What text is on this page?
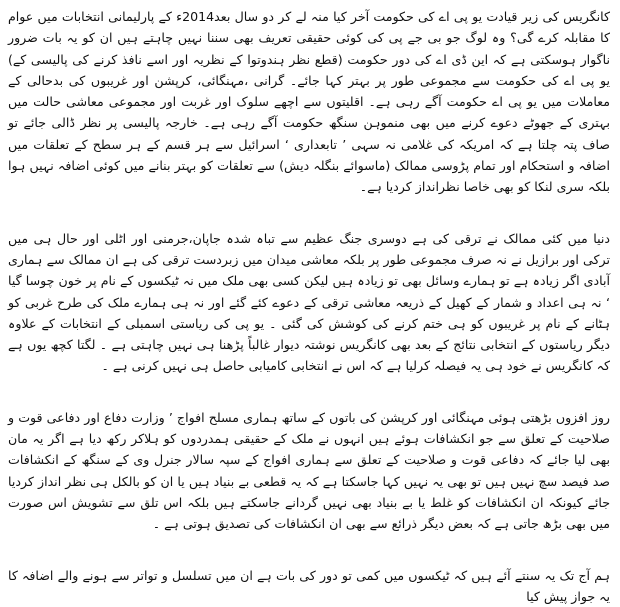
کانگریس کی زیر قیادت یو پی اے کی حکومت آخر کیا منہ لے کر دو سال بعد2014ء کے پارلیمانی انتخابات میں عوام کا مقابلہ کرے گی؟ وہ لوگ جو بی جے پی کی کوئی حقیقی تعریف بھی سننا نہیں چاہتے ہیں ان کو یہ بات ضرور ناگوار ہوسکتی ہے کہ این ڈی اے کی دور حکومت (قطع نظر ہندوتوا کے نظریہ اور اسے نافذ کرنے کی پالیسی کے) یو پی اے کی حکومت سے مجموعی طور پر بہتر کہا جائے۔ گرانی ،مہنگائی، کرپشن اور غریبوں کی بدحالی کے معاملات میں یو پی اے حکومت آگے رہی ہے۔ اقلیتوں سے اچھے سلوک اور غربت اور مجموعی معاشی حالت میں بہتری کے جھوٹے دعوے کرنے میں بھی منموہن سنگھ حکومت آگے رہی ہے۔ خارجہ پالیسی پر نظر ڈالی جائے تو صاف پتہ چلتا ہے کہ امریکہ کی غلامی نہ سہی ’ تابعداری ‘ اسرائیل سے ہر قسم کے ہر سطح کے تعلقات میں اضافہ و استحکام اور تمام پڑوسی ممالک (ماسوائے بنگلہ دیش) سے تعلقات کو بہتر بنانے میں کوئی اضافہ نہیں ہوا بلکہ سری لنکا کو بھی خاصا نظرانداز کردیا ہے۔

دنیا میں کئی ممالک نے ترقی کی ہے دوسری جنگ عظیم سے تباہ شدہ جاپان،جرمنی اور اٹلی اور حال ہی میں ترکی اور برازیل نے نہ صرف مجموعی طور پر بلکہ معاشی میدان میں زبردست ترقی کی ہے ان ممالک سے ہماری آبادی اگر زیادہ ہے تو ہمارے وسائل بھی تو زیادہ ہیں لیکن کسی بھی ملک میں نہ ٹیکسوں کے نام پر خون چوسا گیا ‘ نہ ہی اعداد و شمار کے کھیل کے ذریعہ معاشی ترقی کے دعوے کئے گئے اور نہ ہی ہمارے ملک کی طرح غربی کو ہٹانے کے نام پر غریبوں کو ہی ختم کرنے کی کوشش کی گئی ۔ یو پی کی ریاستی اسمبلی کے انتخابات کے علاوہ دیگر ریاستوں کے انتخابی نتائج کے بعد بھی کانگریس نوشتہ دیوار غالباً پڑھنا ہی نہیں چاہتی ہے ۔ لگتا کچھ یوں ہے کہ کانگریس نے خود ہی یہ فیصلہ کرلیا ہے کہ اس نے انتخابی کامیابی حاصل ہی نہیں کرنی ہے ۔

روز افزوں بڑھتی ہوئی مہنگائی اور کرپشن کی باتوں کے ساتھ ہماری مسلح افواج ’ وزارت دفاع اور دفاعی قوت و صلاحیت کے تعلق سے جو انکشافات ہوئے ہیں انہوں نے ملک کے حقیقی ہمدردوں کو ہلاکر رکھ دیا ہے اگر یہ مان بھی لیا جائے کہ دفاعی قوت و صلاحیت کے تعلق سے ہماری افواج کے سپہ سالار جنرل وی کے سنگھ کے انکشافات صد فیصد سچ نہیں ہیں تو بھی یہ نہیں کہا جاسکتا ہے کہ یہ قطعی بے بنیاد ہیں یا ان کو بالکل ہی نظر انداز کردیا جائے کیونکہ ان انکشافات کو غلط یا بے بنیاد بھی نہیں گردانے جاسکتے ہیں بلکہ اس تلق سے تشویش اس صورت میں بھی بڑھ جاتی ہے کہ بعض دیگر ذرائع سے بھی ان انکشافات کی تصدیق ہوتی ہے ۔

ہم آج تک یہ سنتے آئے ہیں کہ ٹیکسوں میں کمی تو دور کی بات ہے ان میں تسلسل و تواتر سے ہونے والے اضافہ کا یہ جواز پیش کیا
